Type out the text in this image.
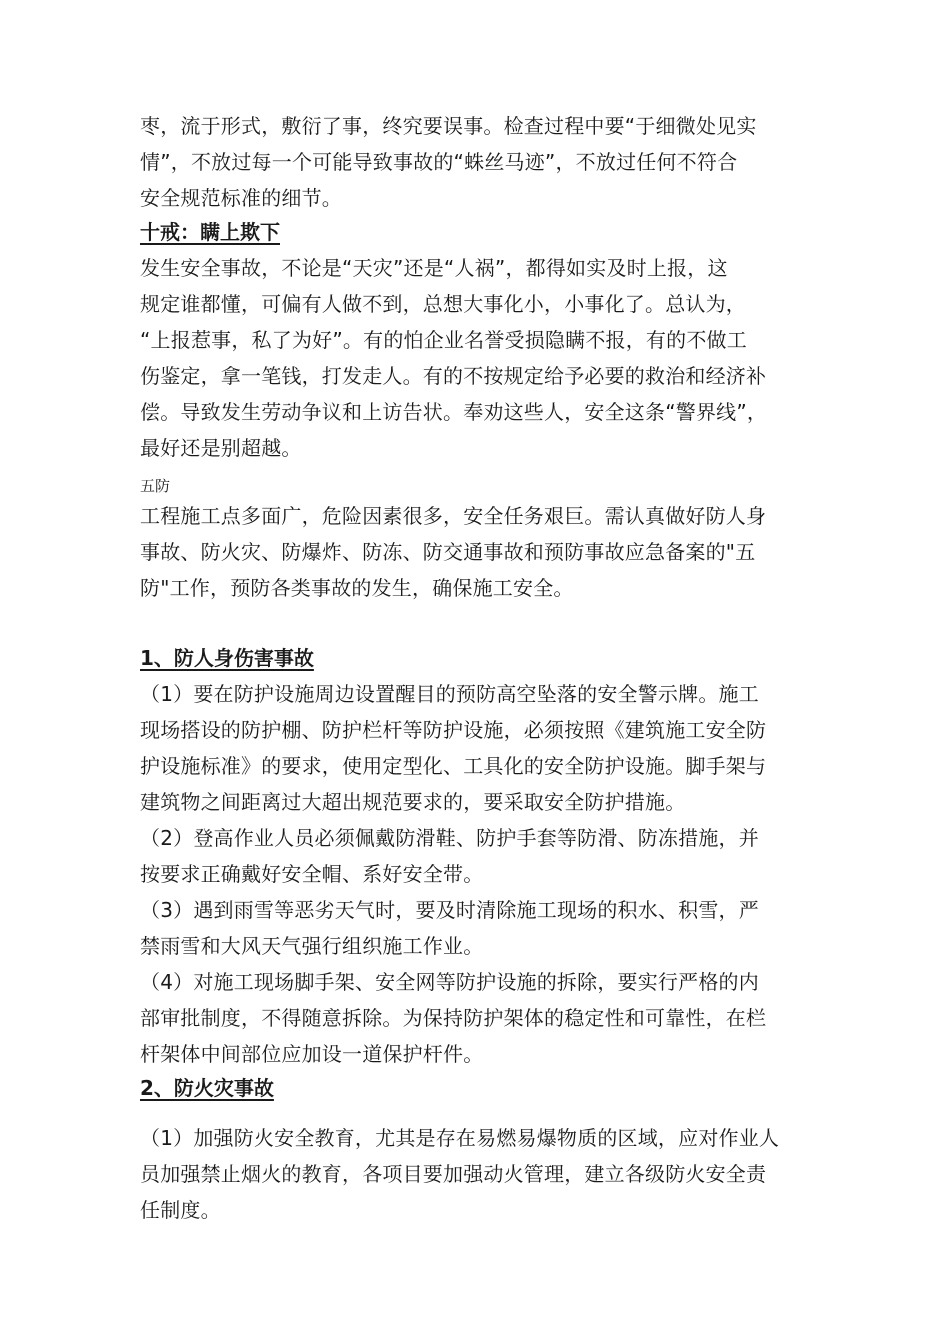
枣，流于形式，敷衍了事，终究要误事。检查过程中要“于细微处见实
情”，不放过每一个可能导致事故的“蛛丝马迹”，不放过任何不符合
安全规范标准的细节。
十戒：瞒上欺下
发生安全事故，不论是“天灾”还是“人祸”，都得如实及时上报，这
规定谁都懂，可偏有人做不到，总想大事化小，小事化了。总认为，
“上报惹事，私了为好”。有的怕企业名誉受损隐瞒不报，有的不做工
伤鉴定，拿一笔钱，打发走人。有的不按规定给予必要的救治和经济补
偿。导致发生劳动争议和上访告状。奉劝这些人，安全这条“警界线”，
最好还是别超越。
五防
工程施工点多面广，危险因素很多，安全任务艰巨。需认真做好防人身
事故、防火灾、防爆炸、防冻、防交通事故和预防事故应急备案的"五
防"工作，预防各类事故的发生，确保施工安全。
1、防人身伤害事故
（1）要在防护设施周边设置醒目的预防高空坠落的安全警示牌。施工
现场搭设的防护棚、防护栏杆等防护设施，必须按照《建筑施工安全防
护设施标准》的要求，使用定型化、工具化的安全防护设施。脚手架与
建筑物之间距离过大超出规范要求的，要采取安全防护措施。
（2）登高作业人员必须佩戴防滑鞋、防护手套等防滑、防冻措施，并
按要求正确戴好安全帽、系好安全带。
（3）遇到雨雪等恶劣天气时，要及时清除施工现场的积水、积雪，严
禁雨雪和大风天气强行组织施工作业。
（4）对施工现场脚手架、安全网等防护设施的拆除，要实行严格的内
部审批制度，不得随意拆除。为保持防护架体的稳定性和可靠性，在栏
杆架体中间部位应加设一道保护杆件。
2、防火灾事故
（1）加强防火安全教育，尤其是存在易燃易爆物质的区域，应对作业人
员加强禁止烟火的教育，各项目要加强动火管理，建立各级防火安全责
任制度。
